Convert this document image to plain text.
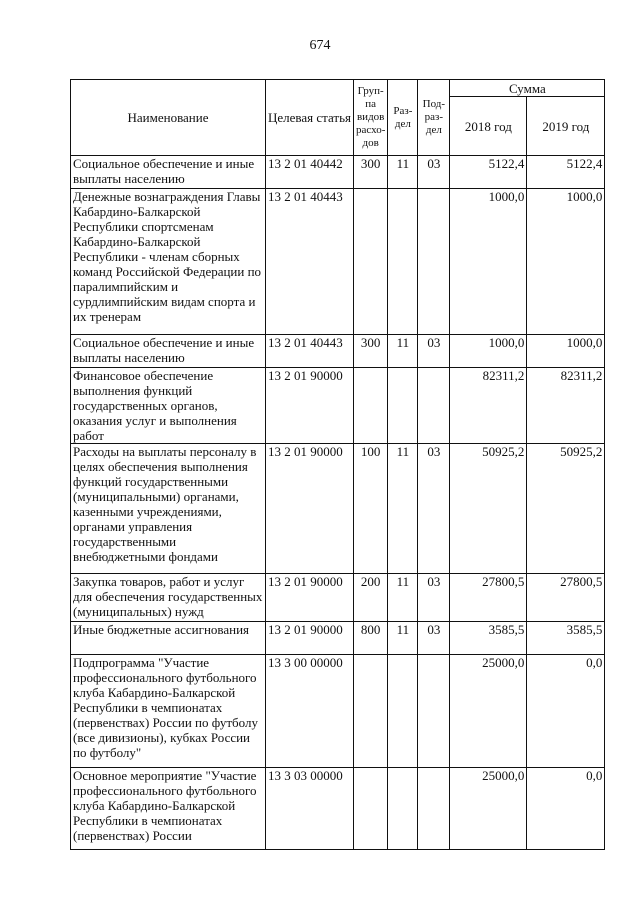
674
Наименование	Целевая статья	Груп-па видов расхо-дов	Раз-дел	Под-раз-дел	Сумма	
					2018 год	2019 год
Социальное обеспечение и иные выплаты населению	13 2 01 40442	300	11	03	5122,4	5122,4
Денежные вознаграждения Главы Кабардино-Балкарской Республики спортсменам Кабардино-Балкарской Республики - членам сборных команд Российской Федерации по паралимпийским и сурдлимпийским видам спорта и их тренерам	13 2 01 40443				1000,0	1000,0
Социальное обеспечение и иные выплаты населению	13 2 01 40443	300	11	03	1000,0	1000,0
Финансовое обеспечение выполнения функций государственных органов, оказания услуг и выполнения работ	13 2 01 90000				82311,2	82311,2
Расходы на выплаты персоналу в целях обеспечения выполнения функций государственными (муниципальными) органами, казенными учреждениями, органами управления государственными внебюджетными фондами	13 2 01 90000	100	11	03	50925,2	50925,2
Закупка товаров, работ и услуг для обеспечения государственных (муниципальных) нужд	13 2 01 90000	200	11	03	27800,5	27800,5
Иные бюджетные ассигнования	13 2 01 90000	800	11	03	3585,5	3585,5
Подпрограмма "Участие профессионального футбольного клуба Кабардино-Балкарской Республики в чемпионатах (первенствах) России по футболу (все дивизионы), кубках России по футболу"	13 3 00 00000				25000,0	0,0
Основное мероприятие "Участие профессионального футбольного клуба Кабардино-Балкарской Республики в чемпионатах (первенствах) России	13 3 03 00000				25000,0	0,0
